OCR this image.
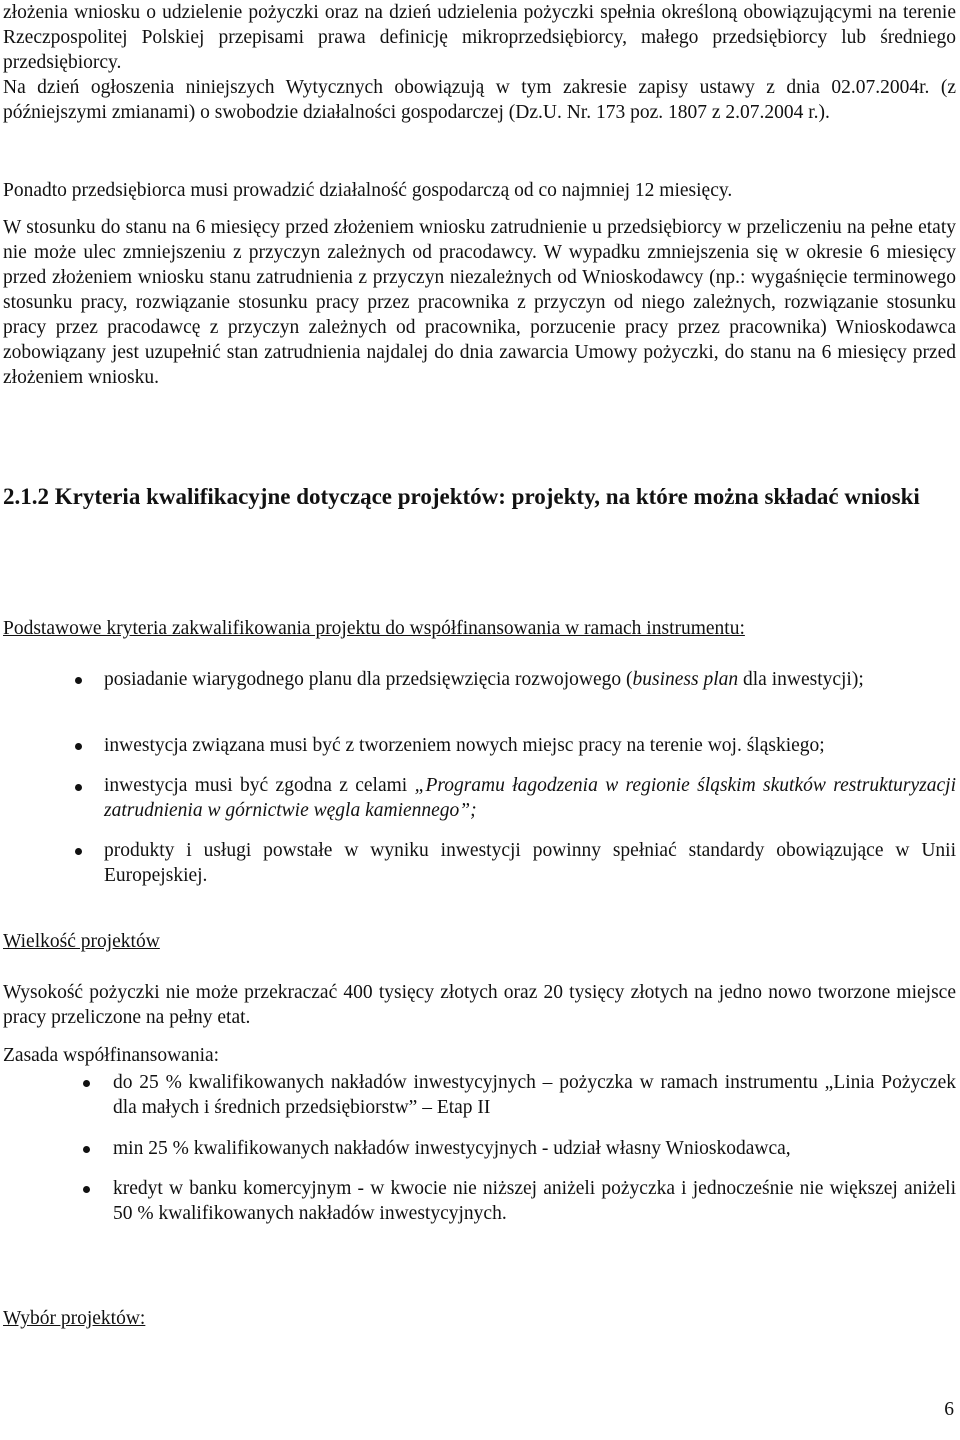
złożenia wniosku o udzielenie pożyczki oraz na dzień udzielenia pożyczki spełnia określoną obowiązującymi na terenie Rzeczpospolitej Polskiej przepisami prawa definicję mikroprzedsiębiorcy, małego przedsiębiorcy lub średniego przedsiębiorcy.

Na dzień ogłoszenia niniejszych Wytycznych obowiązują w tym zakresie zapisy ustawy z dnia 02.07.2004r. (z późniejszymi zmianami) o swobodzie działalności gospodarczej (Dz.U. Nr. 173 poz. 1807 z 2.07.2004 r.).

Ponadto przedsiębiorca musi prowadzić działalność gospodarczą od co najmniej 12 miesięcy.

W stosunku do stanu na 6 miesięcy przed złożeniem wniosku zatrudnienie u przedsiębiorcy w przeliczeniu na pełne etaty nie może ulec zmniejszeniu z przyczyn zależnych od pracodawcy. W wypadku zmniejszenia się w okresie 6 miesięcy przed złożeniem wniosku stanu zatrudnienia z przyczyn niezależnych od Wnioskodawcy (np.: wygaśnięcie terminowego stosunku pracy, rozwiązanie stosunku pracy przez pracownika z przyczyn od niego zależnych, rozwiązanie stosunku pracy przez pracodawcę z przyczyn zależnych od pracownika, porzucenie pracy przez pracownika) Wnioskodawca zobowiązany jest uzupełnić stan zatrudnienia najdalej do dnia zawarcia Umowy pożyczki, do stanu na 6 miesięcy przed złożeniem wniosku.

2.1.2 Kryteria kwalifikacyjne dotyczące projektów: projekty, na które można składać wnioski

Podstawowe kryteria zakwalifikowania projektu do współfinansowania w ramach instrumentu:

posiadanie wiarygodnego planu dla przedsięwzięcia rozwojowego (business plan dla inwestycji);

inwestycja związana musi być z tworzeniem nowych miejsc pracy na terenie woj. śląskiego;

inwestycja musi być zgodna z celami „Programu łagodzenia w regionie śląskim skutków restrukturyzacji zatrudnienia w górnictwie węgla kamiennego”;

produkty i usługi powstałe w wyniku inwestycji powinny spełniać standardy obowiązujące w Unii Europejskiej.

Wielkość projektów

Wysokość pożyczki nie może przekraczać 400 tysięcy złotych oraz 20 tysięcy złotych na jedno nowo tworzone miejsce pracy przeliczone na pełny etat.

Zasada współfinansowania:

do 25 % kwalifikowanych nakładów inwestycyjnych – pożyczka w ramach instrumentu „Linia Pożyczek dla małych i średnich przedsiębiorstw” – Etap II

min 25 % kwalifikowanych nakładów inwestycyjnych - udział własny Wnioskodawca,

kredyt w banku komercyjnym - w kwocie nie niższej aniżeli pożyczka i jednocześnie nie większej aniżeli 50 % kwalifikowanych nakładów inwestycyjnych.

Wybór projektów:

6
